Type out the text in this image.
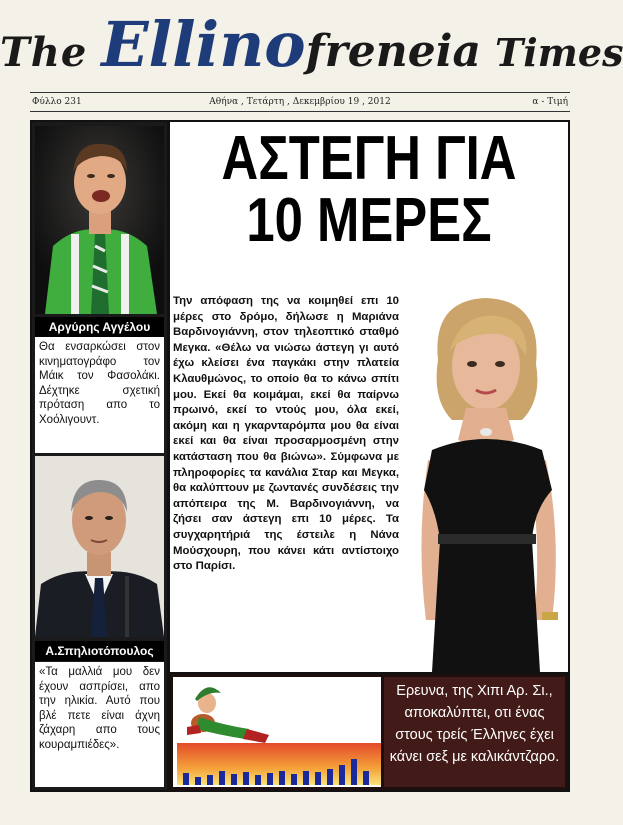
The Ellinofreneia Times
Φύλλο 231	Αθήνα , Τετάρτη , Δεκεμβρίου 19 , 2012	α - Τιμή
Αργύρης Αγγέλου
Θα ενσαρκώσει στον κινηματογράφο τον Μάικ τον Φασολάκι. Δέχτηκε σχετική πρόταση απο το Χοόλιγουντ.
Α.Σπηλιοτόπουλος
«Τα μαλλιά μου δεν έχουν ασπρίσει, απο την ηλικία. Αυτό που βλέ πετε είναι άχνη ζάχαρη απο τους κουραμπιέδες».
ΑΣΤΕΓΗ ΓΙΑ
10 ΜΕΡΕΣ
Την απόφαση της να κοιμηθεί επι 10 μέρες στο δρόμο, δήλωσε η Μαριάνα Βαρδινογιάννη, στον τηλεοπτικό σταθμό Μεγκα. «Θέλω να νιώσω άστεγη γι αυτό έχω κλείσει ένα παγκάκι στην πλατεία Κλαυθμώνος, το οποίο θα το κάνω σπίτι μου. Εκεί θα κοιμάμαι, εκεί θα παίρνω πρωινό, εκεί το ντούς μου, όλα εκεί, ακόμη και η γκαρνταρόμπα μου θα είναι εκεί και θα είναι προσαρμοσμένη στην κατάσταση που θα βιώνω». Σύμφωνα με πληροφορίες τα κανάλια Σταρ και Μεγκα, θα καλύπτουν με ζωντανές συνδέσεις την απόπειρα της Μ. Βαρδινογιάννη, να ζήσει σαν άστεγη επι 10 μέρες. Τα συγχαρητήριά της έστειλε η Νάνα Μούσχουρη, που κάνει κάτι αντίστοιχο στο Παρίσι.
Ερευνα, της Χιπι Αρ. Σι., αποκαλύπτει, οτι ένας στους τρείς Έλληνες έχει κάνει σεξ με καλικάντζαρο.
